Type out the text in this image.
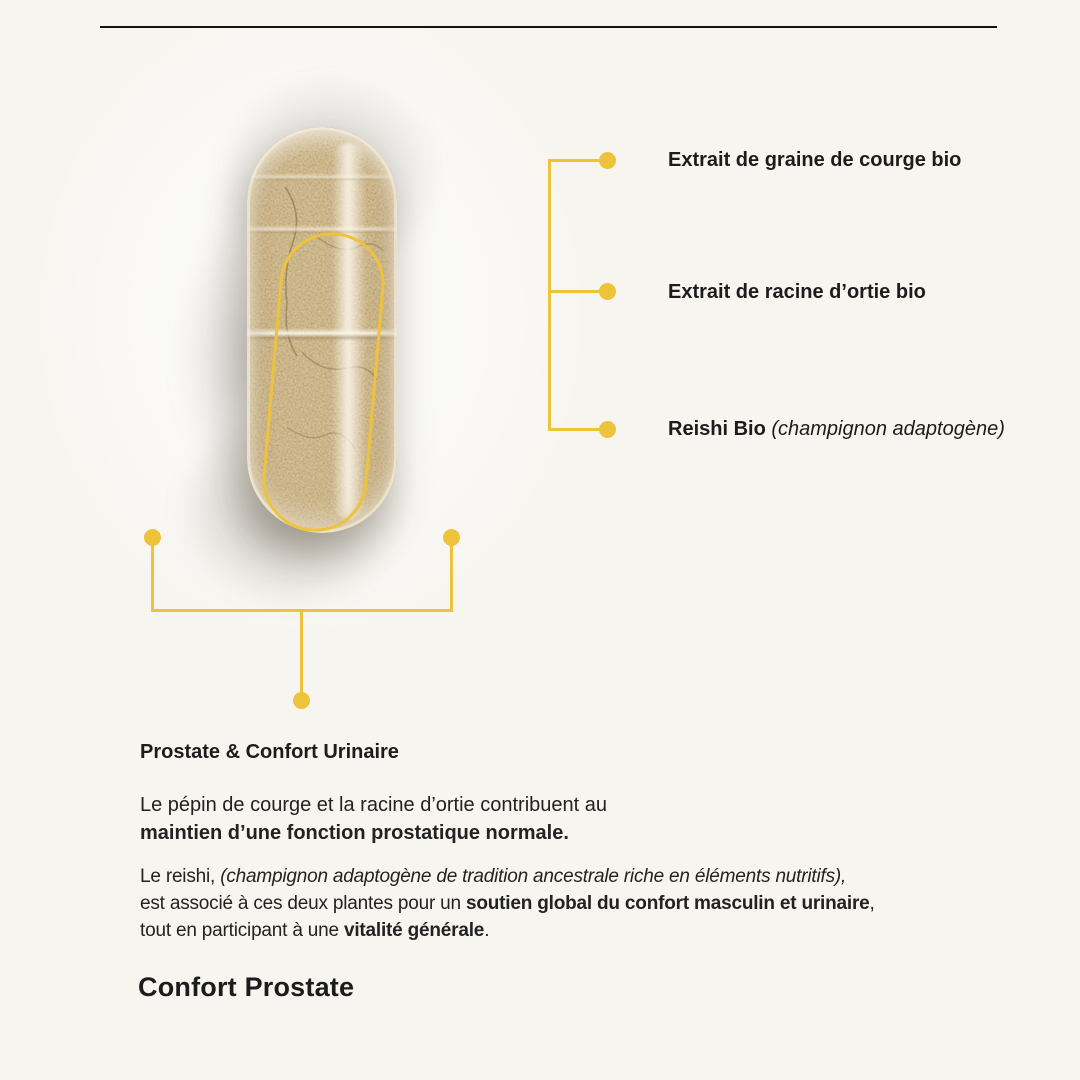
Extrait de graine de courge bio
Extrait de racine d’ortie bio
Reishi Bio (champignon adaptogène)
Prostate & Confort Urinaire
Le pépin de courge et la racine d’ortie contribuent au
maintien d’une fonction prostatique normale.
Le reishi, (champignon adaptogène de tradition ancestrale riche en éléments nutritifs),
est associé à ces deux plantes pour un soutien global du confort masculin et urinaire,
tout en participant à une vitalité générale.
Confort Prostate
